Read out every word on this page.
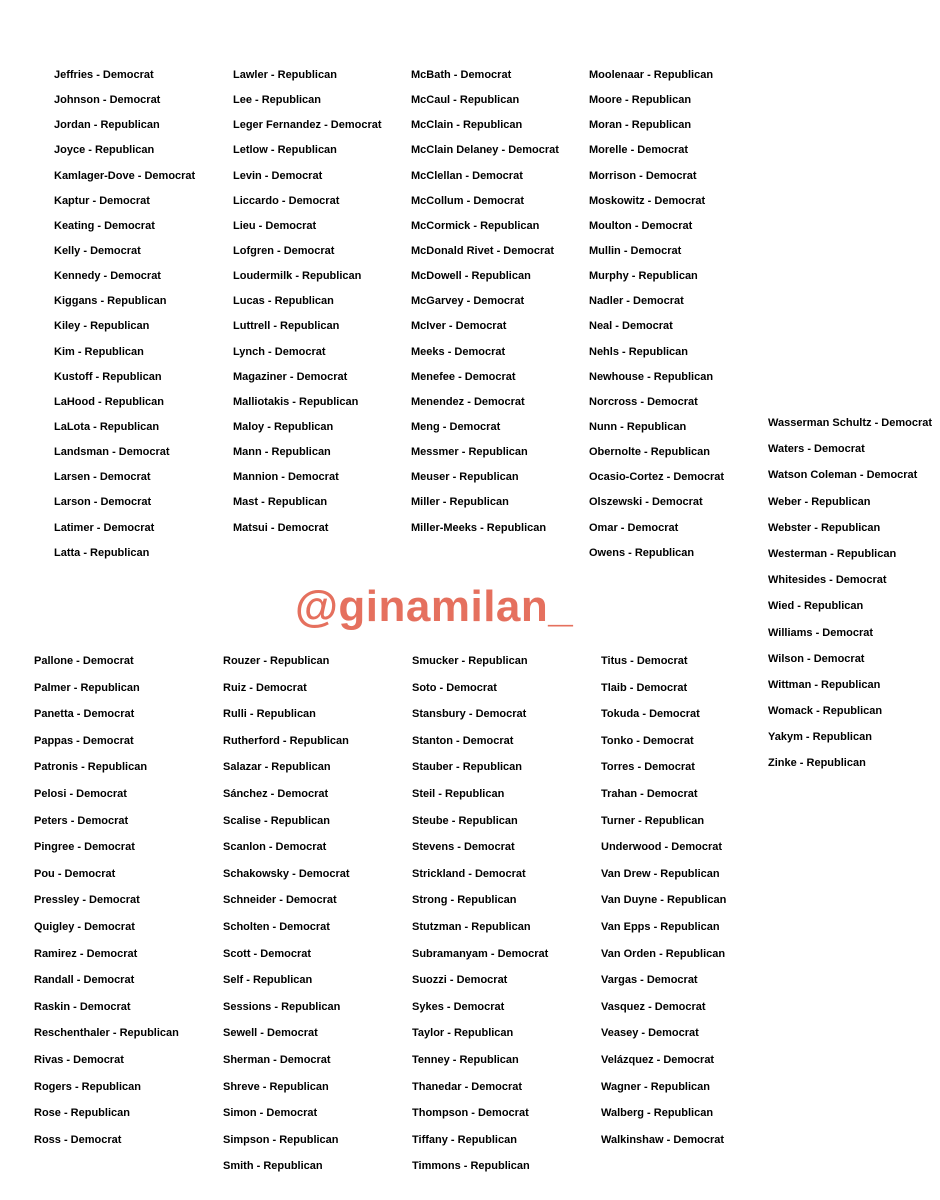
Jeffries - Democrat
Johnson - Democrat
Jordan - Republican
Joyce - Republican
Kamlager-Dove - Democrat
Kaptur - Democrat
Keating - Democrat
Kelly - Democrat
Kennedy - Democrat
Kiggans - Republican
Kiley - Republican
Kim - Republican
Kustoff - Republican
LaHood - Republican
LaLota - Republican
Landsman - Democrat
Larsen - Democrat
Larson - Democrat
Latimer - Democrat
Latta - Republican
Lawler - Republican
Lee - Republican
Leger Fernandez - Democrat
Letlow - Republican
Levin - Democrat
Liccardo - Democrat
Lieu - Democrat
Lofgren - Democrat
Loudermilk - Republican
Lucas - Republican
Luttrell - Republican
Lynch - Democrat
Magaziner - Democrat
Malliotakis - Republican
Maloy - Republican
Mann - Republican
Mannion - Democrat
Mast - Republican
Matsui - Democrat
McBath - Democrat
McCaul - Republican
McClain - Republican
McClain Delaney - Democrat
McClellan - Democrat
McCollum - Democrat
McCormick - Republican
McDonald Rivet - Democrat
McDowell - Republican
McGarvey - Democrat
McIver - Democrat
Meeks - Democrat
Menefee - Democrat
Menendez - Democrat
Meng - Democrat
Messmer - Republican
Meuser - Republican
Miller - Republican
Miller-Meeks - Republican
Moolenaar - Republican
Moore - Republican
Moran - Republican
Morelle - Democrat
Morrison - Democrat
Moskowitz - Democrat
Moulton - Democrat
Mullin - Democrat
Murphy - Republican
Nadler - Democrat
Neal - Democrat
Nehls - Republican
Newhouse - Republican
Norcross - Democrat
Nunn - Republican
Obernolte - Republican
Ocasio-Cortez - Democrat
Olszewski - Democrat
Omar - Democrat
Owens - Republican
Wasserman Schultz - Democrat
Waters - Democrat
Watson Coleman - Democrat
Weber - Republican
Webster - Republican
Westerman - Republican
Whitesides - Democrat
Wied - Republican
Williams - Democrat
Wilson - Democrat
Wittman - Republican
Womack - Republican
Yakym - Republican
Zinke - Republican
@ginamilan_
Pallone - Democrat
Palmer - Republican
Panetta - Democrat
Pappas - Democrat
Patronis - Republican
Pelosi - Democrat
Peters - Democrat
Pingree - Democrat
Pou - Democrat
Pressley - Democrat
Quigley - Democrat
Ramirez - Democrat
Randall - Democrat
Raskin - Democrat
Reschenthaler - Republican
Rivas - Democrat
Rogers - Republican
Rose - Republican
Ross - Democrat
Rouzer - Republican
Ruiz - Democrat
Rulli - Republican
Rutherford - Republican
Salazar - Republican
Sánchez - Democrat
Scalise - Republican
Scanlon - Democrat
Schakowsky - Democrat
Schneider - Democrat
Scholten - Democrat
Scott - Democrat
Self - Republican
Sessions - Republican
Sewell - Democrat
Sherman - Democrat
Shreve - Republican
Simon - Democrat
Simpson - Republican
Smith - Republican
Smucker - Republican
Soto - Democrat
Stansbury - Democrat
Stanton - Democrat
Stauber - Republican
Steil - Republican
Steube - Republican
Stevens - Democrat
Strickland - Democrat
Strong - Republican
Stutzman - Republican
Subramanyam - Democrat
Suozzi - Democrat
Sykes - Democrat
Taylor - Republican
Tenney - Republican
Thanedar - Democrat
Thompson - Democrat
Tiffany - Republican
Timmons - Republican
Titus - Democrat
Tlaib - Democrat
Tokuda - Democrat
Tonko - Democrat
Torres - Democrat
Trahan - Democrat
Turner - Republican
Underwood - Democrat
Van Drew - Republican
Van Duyne - Republican
Van Epps - Republican
Van Orden - Republican
Vargas - Democrat
Vasquez - Democrat
Veasey - Democrat
Velázquez - Democrat
Wagner - Republican
Walberg - Republican
Walkinshaw - Democrat
